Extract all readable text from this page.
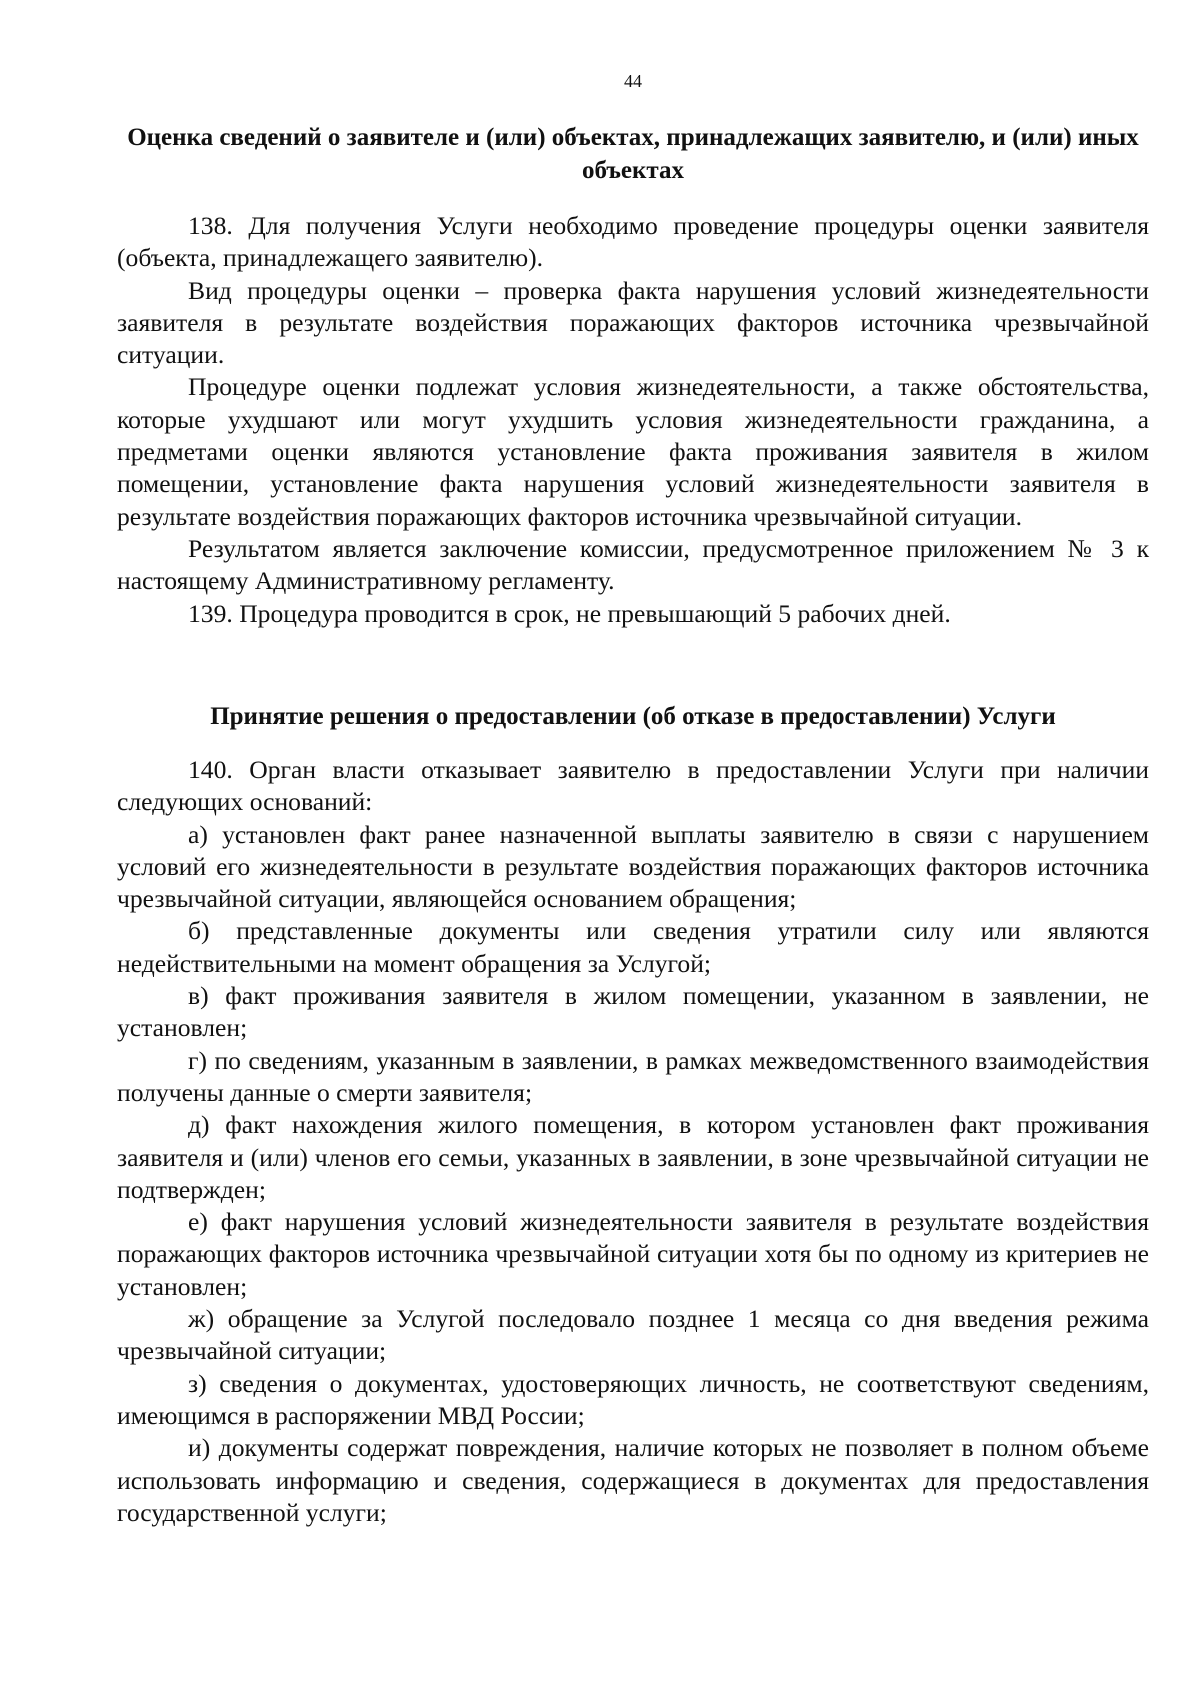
44
Оценка сведений о заявителе и (или) объектах, принадлежащих заявителю, и (или) иных объектах

138. Для получения Услуги необходимо проведение процедуры оценки заявителя (объекта, принадлежащего заявителю).

Вид процедуры оценки – проверка факта нарушения условий жизнедеятельности заявителя в результате воздействия поражающих факторов источника чрезвычайной ситуации.

Процедуре оценки подлежат условия жизнедеятельности, а также обстоятельства, которые ухудшают или могут ухудшить условия жизнедеятельности гражданина, а предметами оценки являются установление факта проживания заявителя в жилом помещении, установление факта нарушения условий жизнедеятельности заявителя в результате воздействия поражающих факторов источника чрезвычайной ситуации.

Результатом является заключение комиссии, предусмотренное приложением № 3 к настоящему Административному регламенту.

139. Процедура проводится в срок, не превышающий 5 рабочих дней.

Принятие решения о предоставлении (об отказе в предоставлении) Услуги

140. Орган власти отказывает заявителю в предоставлении Услуги при наличии следующих оснований:

а) установлен факт ранее назначенной выплаты заявителю в связи с нарушением условий его жизнедеятельности в результате воздействия поражающих факторов источника чрезвычайной ситуации, являющейся основанием обращения;

б) представленные документы или сведения утратили силу или являются недействительными на момент обращения за Услугой;

в) факт проживания заявителя в жилом помещении, указанном в заявлении, не установлен;

г) по сведениям, указанным в заявлении, в рамках межведомственного взаимодействия получены данные о смерти заявителя;

д) факт нахождения жилого помещения, в котором установлен факт проживания заявителя и (или) членов его семьи, указанных в заявлении, в зоне чрезвычайной ситуации не подтвержден;

е) факт нарушения условий жизнедеятельности заявителя в результате воздействия поражающих факторов источника чрезвычайной ситуации хотя бы по одному из критериев не установлен;

ж) обращение за Услугой последовало позднее 1 месяца со дня введения режима чрезвычайной ситуации;

з) сведения о документах, удостоверяющих личность, не соответствуют сведениям, имеющимся в распоряжении МВД России;

и) документы содержат повреждения, наличие которых не позволяет в полном объеме использовать информацию и сведения, содержащиеся в документах для предоставления государственной услуги;
